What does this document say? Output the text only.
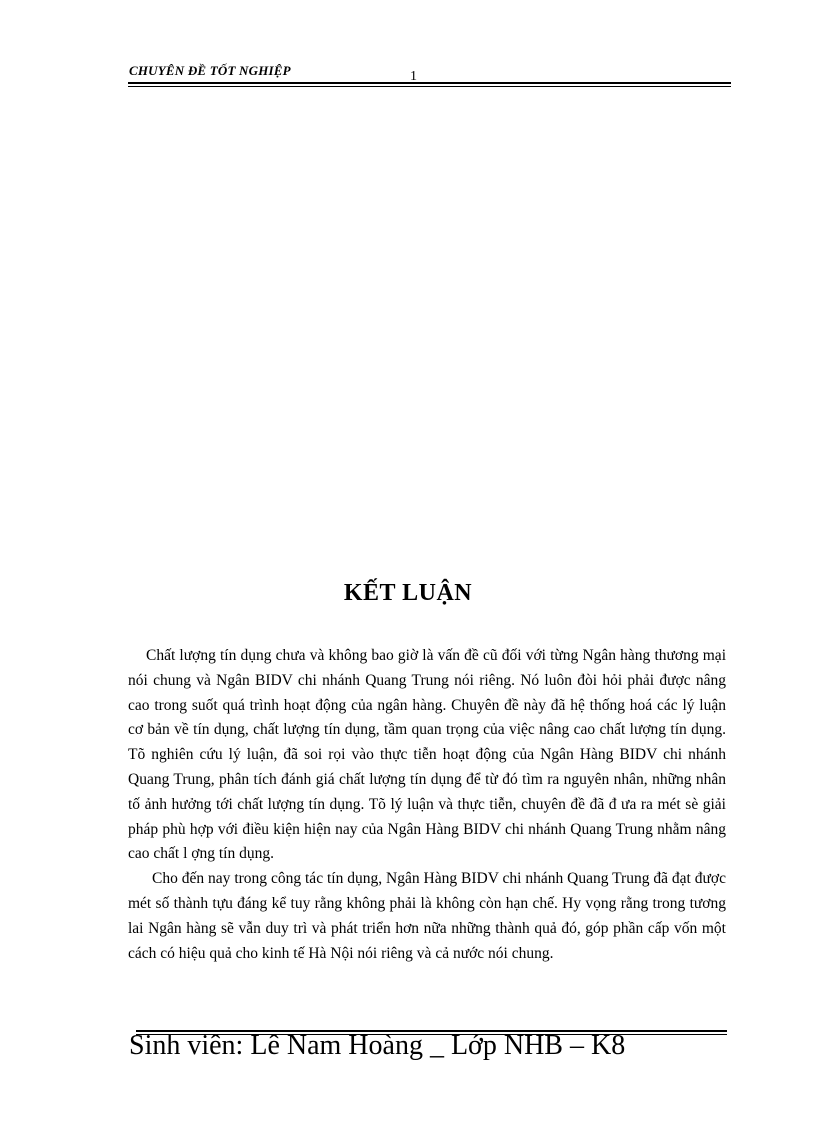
CHUYÊN ĐỀ TỐT NGHIỆP	1
KẾT LUẬN

Chất lượng tín dụng chưa và không bao giờ là vấn đề cũ đối với từng Ngân hàng thương mại nói chung và Ngân BIDV chi nhánh Quang Trung nói riêng. Nó luôn đòi hỏi phải được nâng cao trong suốt quá trình hoạt động của ngân hàng. Chuyên đề này đã hệ thống hoá các lý luận cơ bản về tín dụng, chất lượng tín dụng, tầm quan trọng của việc nâng cao chất lượng tín dụng. Tõ nghiên cứu lý luận, đã soi rọi vào thực tiễn hoạt động của Ngân Hàng BIDV chi nhánh Quang Trung, phân tích đánh giá chất lượng tín dụng để từ đó tìm ra nguyên nhân, những nhân tố ảnh hưởng tới chất lượng tín dụng. Tõ lý luận và thực tiễn, chuyên đề đã đ ưa ra mét sè giải pháp phù hợp với điều kiện hiện nay của Ngân Hàng BIDV chi nhánh Quang Trung nhằm nâng cao chất l ợng tín dụng.

Cho đến nay trong công tác tín dụng, Ngân Hàng BIDV chi nhánh Quang Trung đã đạt được mét số thành tựu đáng kể tuy rằng không phải là không còn hạn chế. Hy vọng rằng trong tương lai Ngân hàng sẽ vẫn duy trì và phát triển hơn nữa những thành quả đó, góp phần cấp vốn một cách có hiệu quả cho kinh tế Hà Nội nói riêng và cả nước nói chung.

Sinh viên: Lê Nam Hoàng _ Lớp NHB – K8
